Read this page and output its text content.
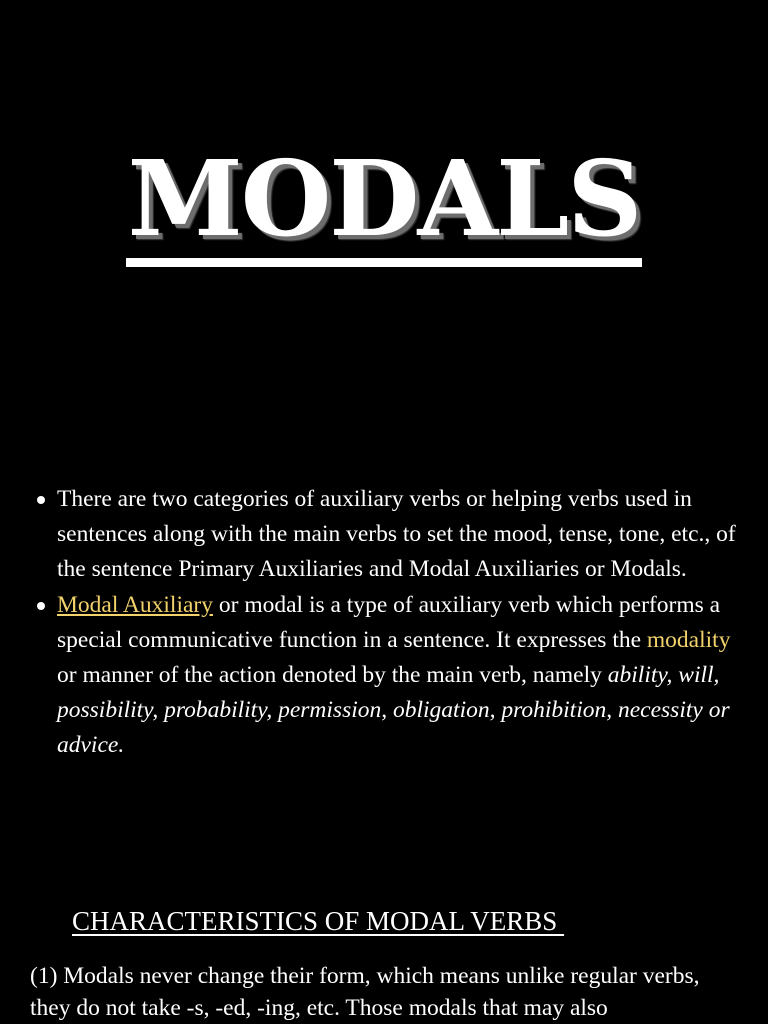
MODALS
There are two categories of auxiliary verbs or helping verbs used in sentences along with the main verbs to set the mood, tense, tone, etc., of the sentence Primary Auxiliaries and Modal Auxiliaries or Modals.
Modal Auxiliary or modal is a type of auxiliary verb which performs a special communicative function in a sentence. It expresses the modality or manner of the action denoted by the main verb, namely ability, will, possibility, probability, permission, obligation, prohibition, necessity or advice.
CHARACTERISTICS OF MODAL VERBS

(1) Modals never change their form, which means unlike regular verbs, they do not take -s, -ed, -ing, etc. Those modals that may also
